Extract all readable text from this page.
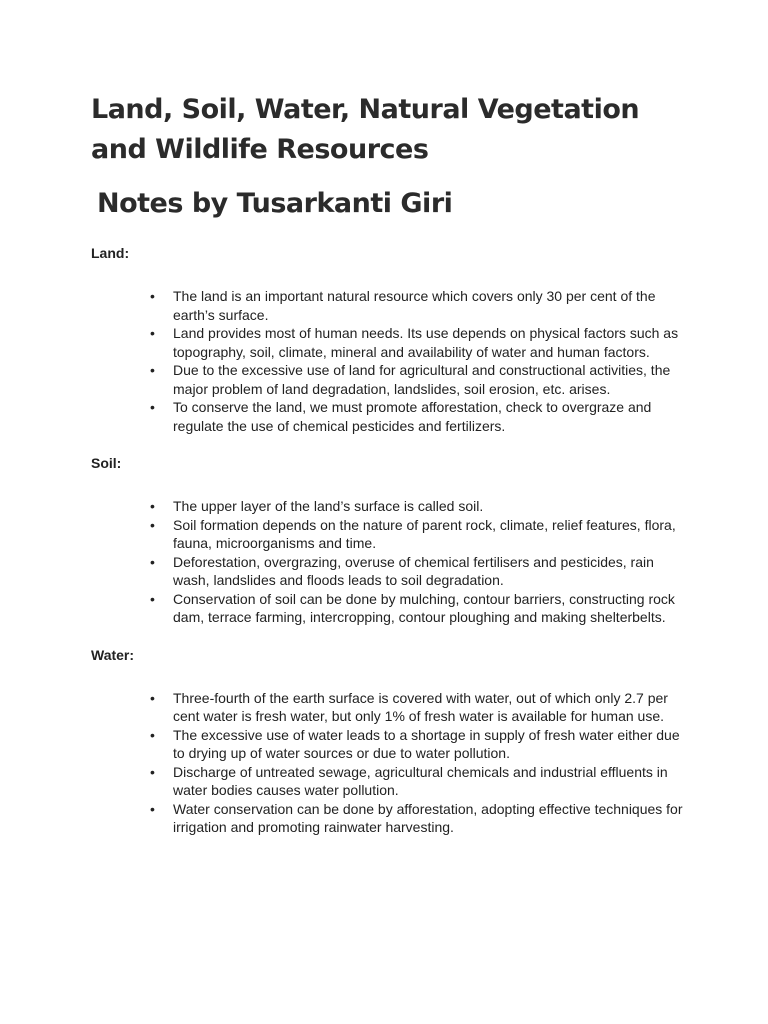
Land, Soil, Water, Natural Vegetation and Wildlife Resources
Notes by Tusarkanti Giri

Land:

• The land is an important natural resource which covers only 30 per cent of the earth’s surface.
• Land provides most of human needs. Its use depends on physical factors such as topography, soil, climate, mineral and availability of water and human factors.
• Due to the excessive use of land for agricultural and constructional activities, the major problem of land degradation, landslides, soil erosion, etc. arises.
• To conserve the land, we must promote afforestation, check to overgraze and regulate the use of chemical pesticides and fertilizers.

Soil:

• The upper layer of the land’s surface is called soil.
• Soil formation depends on the nature of parent rock, climate, relief features, flora, fauna, microorganisms and time.
• Deforestation, overgrazing, overuse of chemical fertilisers and pesticides, rain wash, landslides and floods leads to soil degradation.
• Conservation of soil can be done by mulching, contour barriers, constructing rock dam, terrace farming, intercropping, contour ploughing and making shelterbelts.

Water:

• Three-fourth of the earth surface is covered with water, out of which only 2.7 per cent water is fresh water, but only 1% of fresh water is available for human use.
• The excessive use of water leads to a shortage in supply of fresh water either due to drying up of water sources or due to water pollution.
• Discharge of untreated sewage, agricultural chemicals and industrial effluents in water bodies causes water pollution.
• Water conservation can be done by afforestation, adopting effective techniques for irrigation and promoting rainwater harvesting.
